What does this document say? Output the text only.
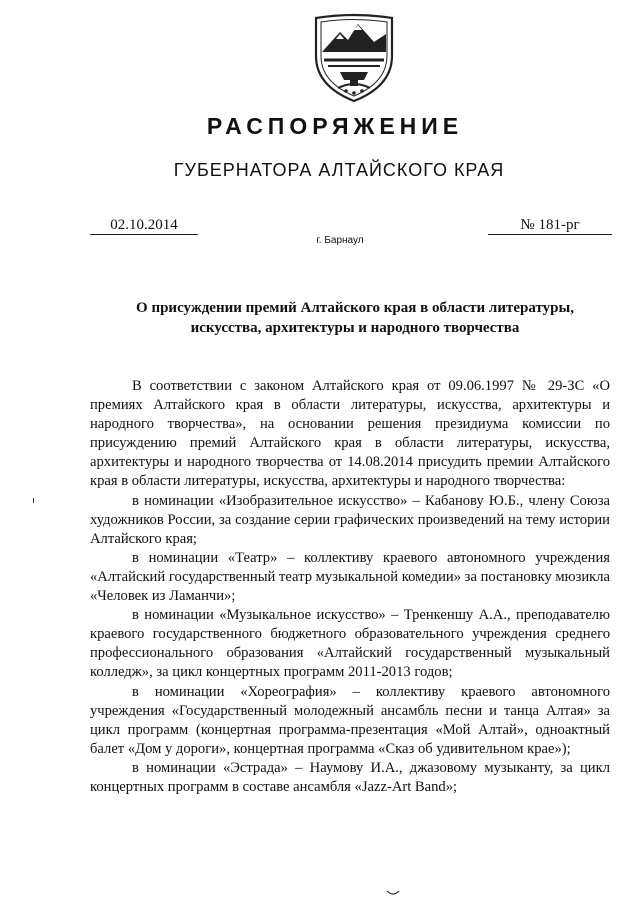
РАСПОРЯЖЕНИЕ
ГУБЕРНАТОРА АЛТАЙСКОГО КРАЯ
02.10.2014	№ 181-рг
г. Барнаул
О присуждении премий Алтайского края в области литературы,
искусства, архитектуры и народного творчества

В соответствии с законом Алтайского края от 09.06.1997 № 29-ЗС «О премиях Алтайского края в области литературы, искусства, архитектуры и народного творчества», на основании решения президиума комиссии по присуждению премий Алтайского края в области литературы, искусства, архитектуры и народного творчества от 14.08.2014 присудить премии Алтайского края в области литературы, искусства, архитектуры и народного творчества:

в номинации «Изобразительное искусство» – Кабанову Ю.Б., члену Союза художников России, за создание серии графических произведений на тему истории Алтайского края;

в номинации «Театр» – коллективу краевого автономного учреждения «Алтайский государственный театр музыкальной комедии» за постановку мюзикла «Человек из Ламанчи»;

в номинации «Музыкальное искусство» – Тренкеншу А.А., преподавателю краевого государственного бюджетного образовательного учреждения среднего профессионального образования «Алтайский государственный музыкальный колледж», за цикл концертных программ 2011-2013 годов;

в номинации «Хореография» – коллективу краевого автономного учреждения «Государственный молодежный ансамбль песни и танца Алтая» за цикл программ (концертная программа-презентация «Мой Алтай», одноактный балет «Дом у дороги», концертная программа «Сказ об удивительном крае»);

в номинации «Эстрада» – Наумову И.А., джазовому музыканту, за цикл концертных программ в составе ансамбля «Jazz-Art Band»;
